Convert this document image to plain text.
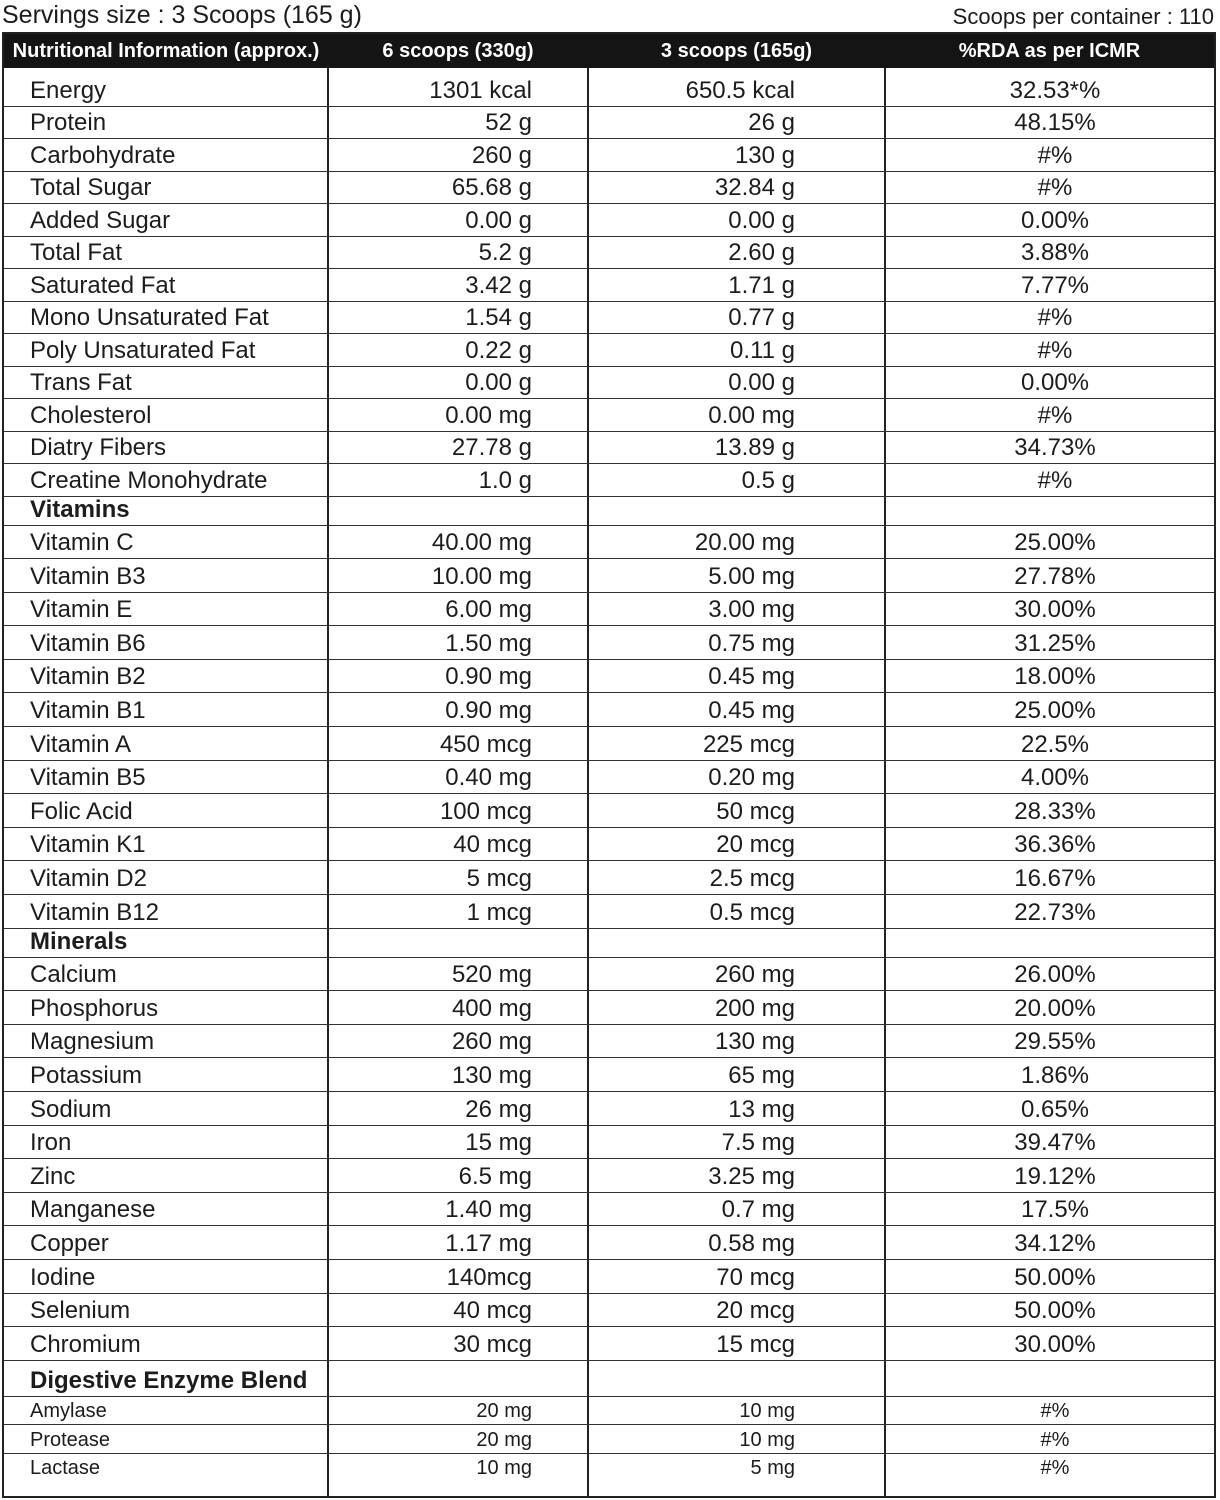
Servings size : 3 Scoops (165 g)	Scoops per container : 110
Nutritional Information (approx.)	6 scoops (330g)	3 scoops (165g)	%RDA as per ICMR
Energy	1301 kcal	650.5 kcal	32.53*%
Protein	52 g	26 g	48.15%
Carbohydrate	260 g	130 g	#%
Total Sugar	65.68 g	32.84 g	#%
Added Sugar	0.00 g	0.00 g	0.00%
Total Fat	5.2 g	2.60 g	3.88%
Saturated Fat	3.42 g	1.71 g	7.77%
Mono Unsaturated Fat	1.54 g	0.77 g	#%
Poly Unsaturated Fat	0.22 g	0.11 g	#%
Trans Fat	0.00 g	0.00 g	0.00%
Cholesterol	0.00 mg	0.00 mg	#%
Diatry Fibers	27.78 g	13.89 g	34.73%
Creatine Monohydrate	1.0 g	0.5 g	#%
Vitamins
Vitamin C	40.00 mg	20.00 mg	25.00%
Vitamin B3	10.00 mg	5.00 mg	27.78%
Vitamin E	6.00 mg	3.00 mg	30.00%
Vitamin B6	1.50 mg	0.75 mg	31.25%
Vitamin B2	0.90 mg	0.45 mg	18.00%
Vitamin B1	0.90 mg	0.45 mg	25.00%
Vitamin A	450 mcg	225 mcg	22.5%
Vitamin B5	0.40 mg	0.20 mg	4.00%
Folic Acid	100 mcg	50 mcg	28.33%
Vitamin K1	40 mcg	20 mcg	36.36%
Vitamin D2	5 mcg	2.5 mcg	16.67%
Vitamin B12	1 mcg	0.5 mcg	22.73%
Minerals
Calcium	520 mg	260 mg	26.00%
Phosphorus	400 mg	200 mg	20.00%
Magnesium	260 mg	130 mg	29.55%
Potassium	130 mg	65 mg	1.86%
Sodium	26 mg	13 mg	0.65%
Iron	15 mg	7.5 mg	39.47%
Zinc	6.5 mg	3.25 mg	19.12%
Manganese	1.40 mg	0.7 mg	17.5%
Copper	1.17 mg	0.58 mg	34.12%
Iodine	140mcg	70 mcg	50.00%
Selenium	40 mcg	20 mcg	50.00%
Chromium	30 mcg	15 mcg	30.00%
Digestive Enzyme Blend
Amylase	20 mg	10 mg	#%
Protease	20 mg	10 mg	#%
Lactase	10 mg	5 mg	#%
